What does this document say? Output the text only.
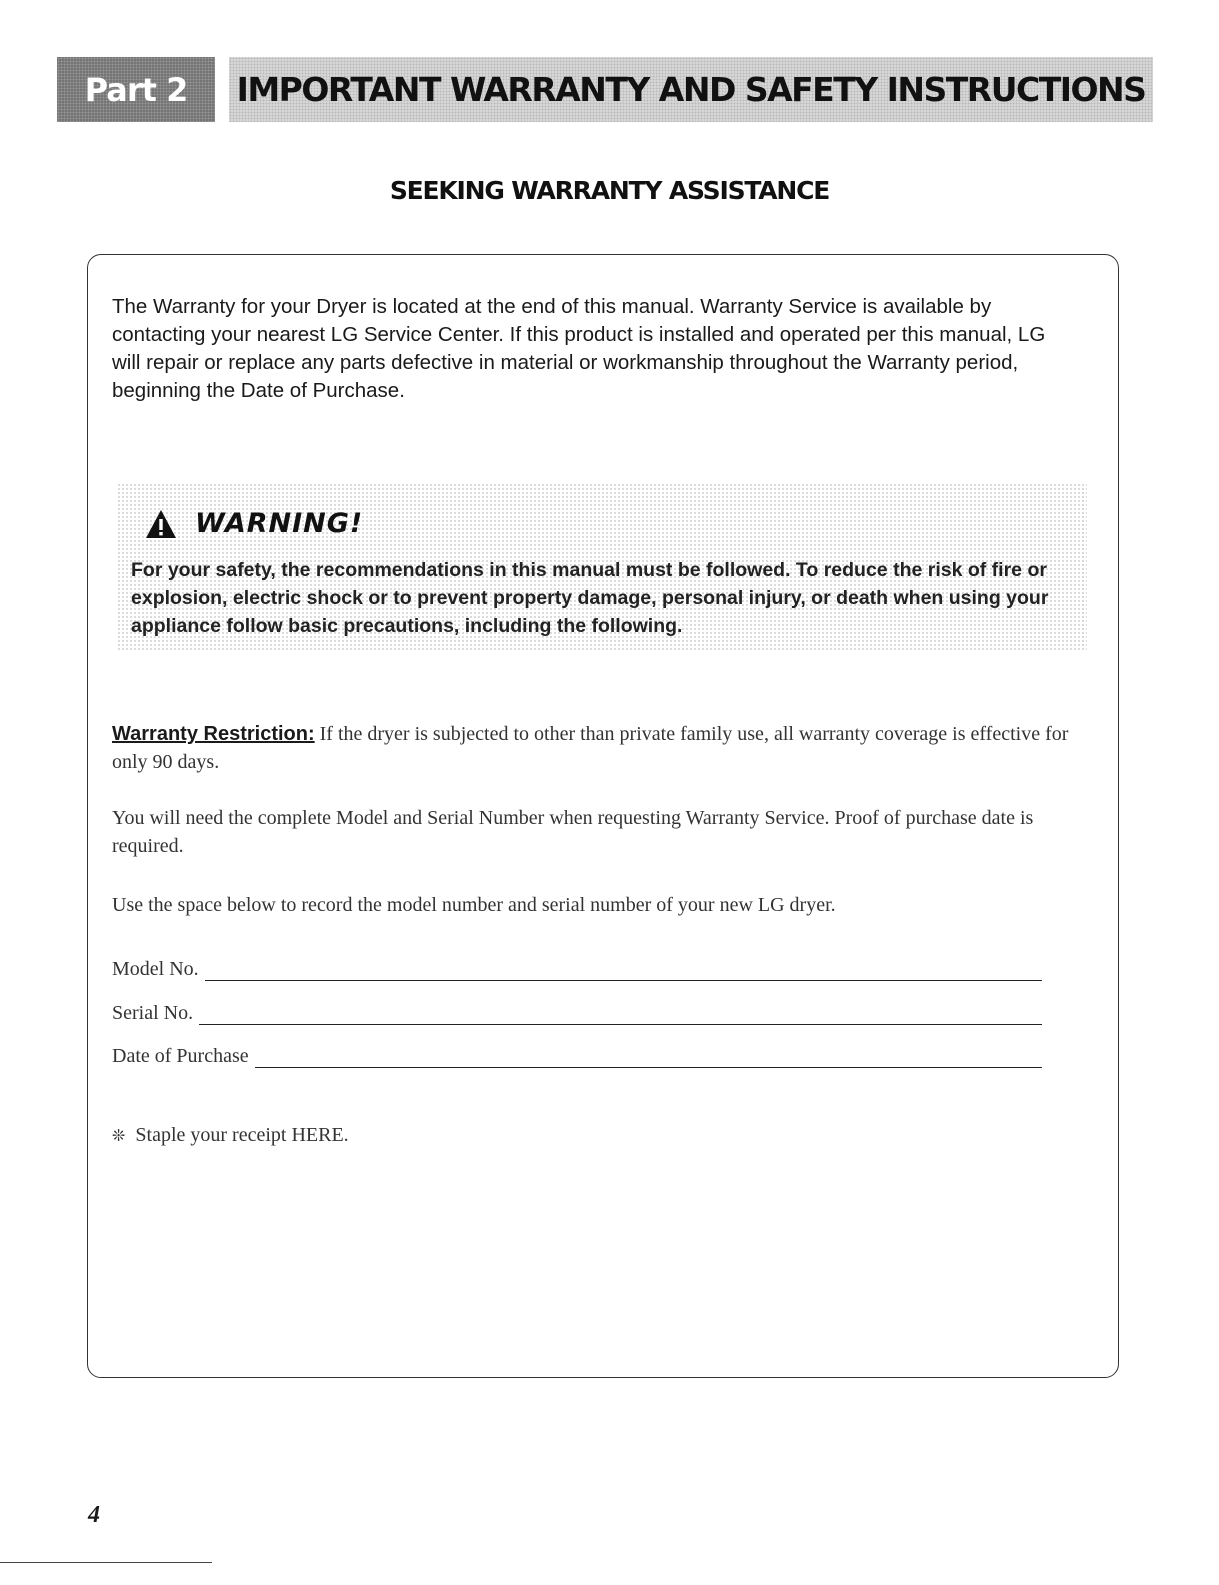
Part 2 IMPORTANT WARRANTY AND SAFETY INSTRUCTIONS
SEEKING WARRANTY ASSISTANCE

The Warranty for your Dryer is located at the end of this manual. Warranty Service is available by contacting your nearest LG Service Center. If this product is installed and operated per this manual, LG will repair or replace any parts defective in material or workmanship throughout the Warranty period, beginning the Date of Purchase.

WARNING!

For your safety, the recommendations in this manual must be followed. To reduce the risk of fire or explosion, electric shock or to prevent property damage, personal injury, or death when using your appliance follow basic precautions, including the following.

Warranty Restriction: If the dryer is subjected to other than private family use, all warranty coverage is effective for only 90 days.

You will need the complete Model and Serial Number when requesting Warranty Service. Proof of purchase date is required.

Use the space below to record the model number and serial number of your new LG dryer.

Model No.
Serial No.
Date of Purchase
❊ Staple your receipt HERE.
4
